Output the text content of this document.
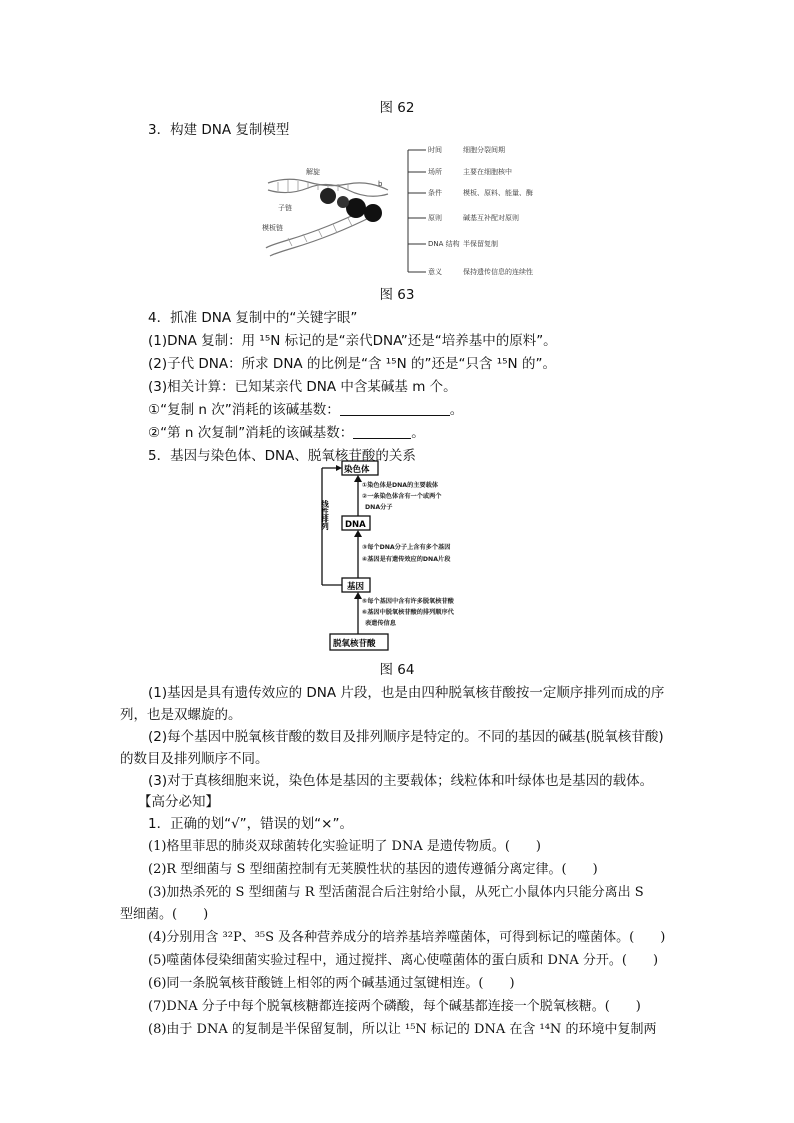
图 62
3．构建 DNA 复制模型
解旋
子链
模板链
b
时间
场所
条件
原则
DNA 结构
意义
细胞分裂间期
主要在细胞核中
模板、原料、能量、酶
碱基互补配对原则
半保留复制
保持遗传信息的连续性
图 63
4．抓准 DNA 复制中的“关键字眼”
(1)DNA 复制：用 ¹⁵N 标记的是“亲代DNA”还是“培养基中的原料”。
(2)子代 DNA：所求 DNA 的比例是“含 ¹⁵N 的”还是“只含 ¹⁵N 的”。
(3)相关计算：已知某亲代 DNA 中含某碱基 m 个。
①“复制 n 次”消耗的该碱基数：	。
②“第 n 次复制”消耗的该碱基数：	。
5．基因与染色体、DNA、脱氧核苷酸的关系
染色体
DNA
基因
脱氧核苷酸
线性排列
①染色体是DNA的主要载体
②一条染色体含有一个或两个
DNA分子
③每个DNA分子上含有多个基因
④基因是有遗传效应的DNA片段
⑤每个基因中含有许多脱氧核苷酸
⑥基因中脱氧核苷酸的排列顺序代
表遗传信息
图 64
(1)基因是具有遗传效应的 DNA 片段，也是由四种脱氧核苷酸按一定顺序排列而成的序
列，也是双螺旋的。
(2)每个基因中脱氧核苷酸的数目及排列顺序是特定的。不同的基因的碱基(脱氧核苷酸)
的数目及排列顺序不同。
(3)对于真核细胞来说，染色体是基因的主要载体；线粒体和叶绿体也是基因的载体。
【高分必知】
1．正确的划“√”，错误的划“×”。
(1)格里菲思的肺炎双球菌转化实验证明了 DNA 是遗传物质。(　　)
(2)R 型细菌与 S 型细菌控制有无荚膜性状的基因的遗传遵循分离定律。(　　)
(3)加热杀死的 S 型细菌与 R 型活菌混合后注射给小鼠，从死亡小鼠体内只能分离出 S
型细菌。(　　)
(4)分别用含 ³²P、³⁵S 及各种营养成分的培养基培养噬菌体，可得到标记的噬菌体。(　　)
(5)噬菌体侵染细菌实验过程中，通过搅拌、离心使噬菌体的蛋白质和 DNA 分开。(　　)
(6)同一条脱氧核苷酸链上相邻的两个碱基通过氢键相连。(　　)
(7)DNA 分子中每个脱氧核糖都连接两个磷酸，每个碱基都连接一个脱氧核糖。(　　)
(8)由于 DNA 的复制是半保留复制，所以让 ¹⁵N 标记的 DNA 在含 ¹⁴N 的环境中复制两
